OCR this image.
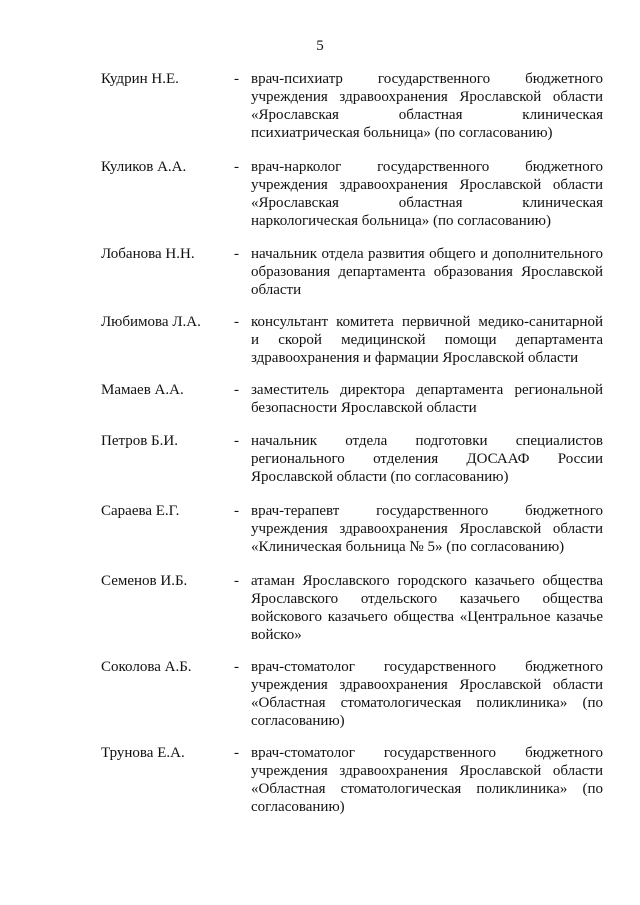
5
Кудрин Н.Е.	- врач-психиатр государственного бюджетного
учреждения здравоохранения Ярославской области
«Ярославская областная клиническая
психиатрическая больница» (по согласованию)
Куликов А.А.	- врач-нарколог государственного бюджетного
учреждения здравоохранения Ярославской области
«Ярославская областная клиническая
наркологическая больница» (по согласованию)
Лобанова Н.Н.	- начальник отдела развития общего и дополнительного
образования департамента образования Ярославской
области
Любимова Л.А. - консультант комитета первичной медико-санитарной
и скорой медицинской помощи департамента
здравоохранения и фармации Ярославской области
Мамаев А.А.	- заместитель директора департамента региональной
безопасности Ярославской области
Петров Б.И.	- начальник отдела подготовки специалистов
регионального отделения ДОСААФ России
Ярославской области (по согласованию)
Сараева Е.Г.	- врач-терапевт государственного бюджетного
учреждения здравоохранения Ярославской области
«Клиническая больница № 5» (по согласованию)
Семенов И.Б.	- атаман Ярославского городского казачьего общества
Ярославского отдельского казачьего общества
войскового казачьего общества «Центральное казачье
войско»
Соколова А.Б.	- врач-стоматолог государственного бюджетного
учреждения здравоохранения Ярославской области
«Областная стоматологическая поликлиника» (по
согласованию)
Трунова Е.А.	- врач-стоматолог государственного бюджетного
учреждения здравоохранения Ярославской области
«Областная стоматологическая поликлиника» (по
согласованию)
